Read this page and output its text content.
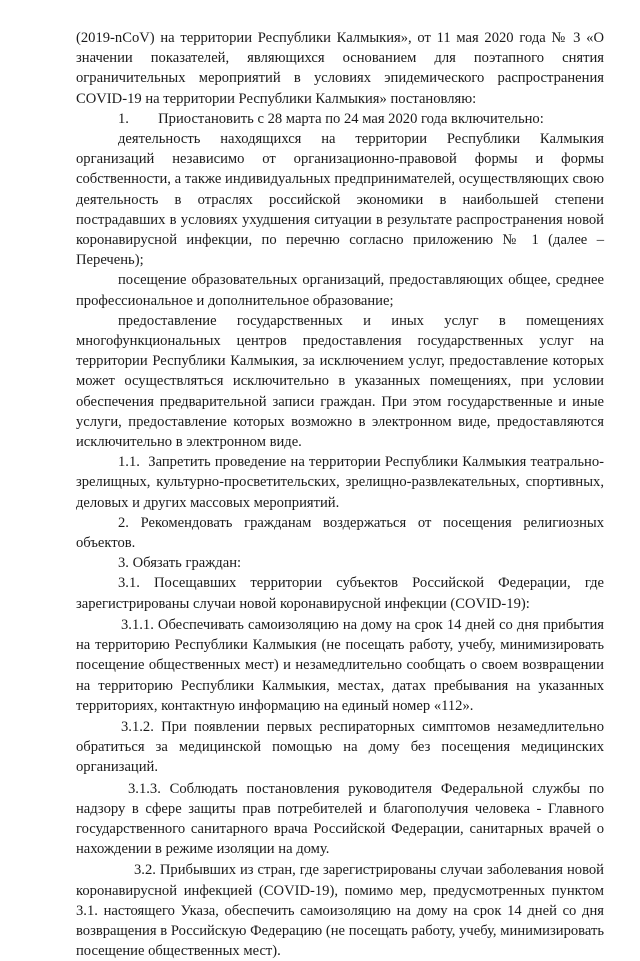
(2019-nCoV) на территории Республики Калмыкия», от 11 мая 2020 года № 3 «О значении показателей, являющихся основанием для поэтапного снятия ограничительных мероприятий в условиях эпидемического распространения COVID-19 на территории Республики Калмыкия» постановляю:

1.        Приостановить с 28 марта по 24 мая 2020 года включительно:

деятельность находящихся на территории Республики Калмыкия организаций независимо от организационно-правовой формы и формы собственности, а также индивидуальных предпринимателей, осуществляющих свою деятельность в отраслях российской экономики в наибольшей степени пострадавших в условиях ухудшения ситуации в результате распространения новой коронавирусной инфекции, по перечню согласно приложению № 1 (далее – Перечень);

посещение образовательных организаций, предоставляющих общее, среднее профессиональное и дополнительное образование;

предоставление государственных и иных услуг в помещениях многофункциональных центров предоставления государственных услуг на территории Республики Калмыкия, за исключением услуг, предоставление которых может осуществляться исключительно в указанных помещениях, при условии обеспечения предварительной записи граждан. При этом государственные и иные услуги, предоставление которых возможно в электронном виде, предоставляются исключительно в электронном виде.

1.1.  Запретить проведение на территории Республики Калмыкия театрально-зрелищных, культурно-просветительских, зрелищно-развлекательных, спортивных, деловых и других массовых мероприятий.

2. Рекомендовать гражданам воздержаться от посещения религиозных объектов.

3. Обязать граждан:

3.1. Посещавших территории субъектов Российской Федерации, где зарегистрированы случаи новой коронавирусной инфекции (COVID-19):

3.1.1. Обеспечивать самоизоляцию на дому на срок 14 дней со дня прибытия на территорию Республики Калмыкия (не посещать работу, учебу, минимизировать посещение общественных мест) и незамедлительно сообщать о своем возвращении на территорию Республики Калмыкия, местах, датах пребывания на указанных территориях, контактную информацию на единый номер «112».

3.1.2. При появлении первых респираторных симптомов незамедлительно обратиться за медицинской помощью на дому без посещения медицинских организаций.

3.1.3. Соблюдать постановления руководителя Федеральной службы по надзору в сфере защиты прав потребителей и благополучия человека - Главного государственного санитарного врача Российской Федерации, санитарных врачей о нахождении в режиме изоляции на дому.

3.2. Прибывших из стран, где зарегистрированы случаи заболевания новой коронавирусной инфекцией (COVID-19), помимо мер, предусмотренных пунктом 3.1. настоящего Указа, обеспечить самоизоляцию на дому на срок 14 дней со дня возвращения в Российскую Федерацию (не посещать работу, учебу, минимизировать посещение общественных мест).
